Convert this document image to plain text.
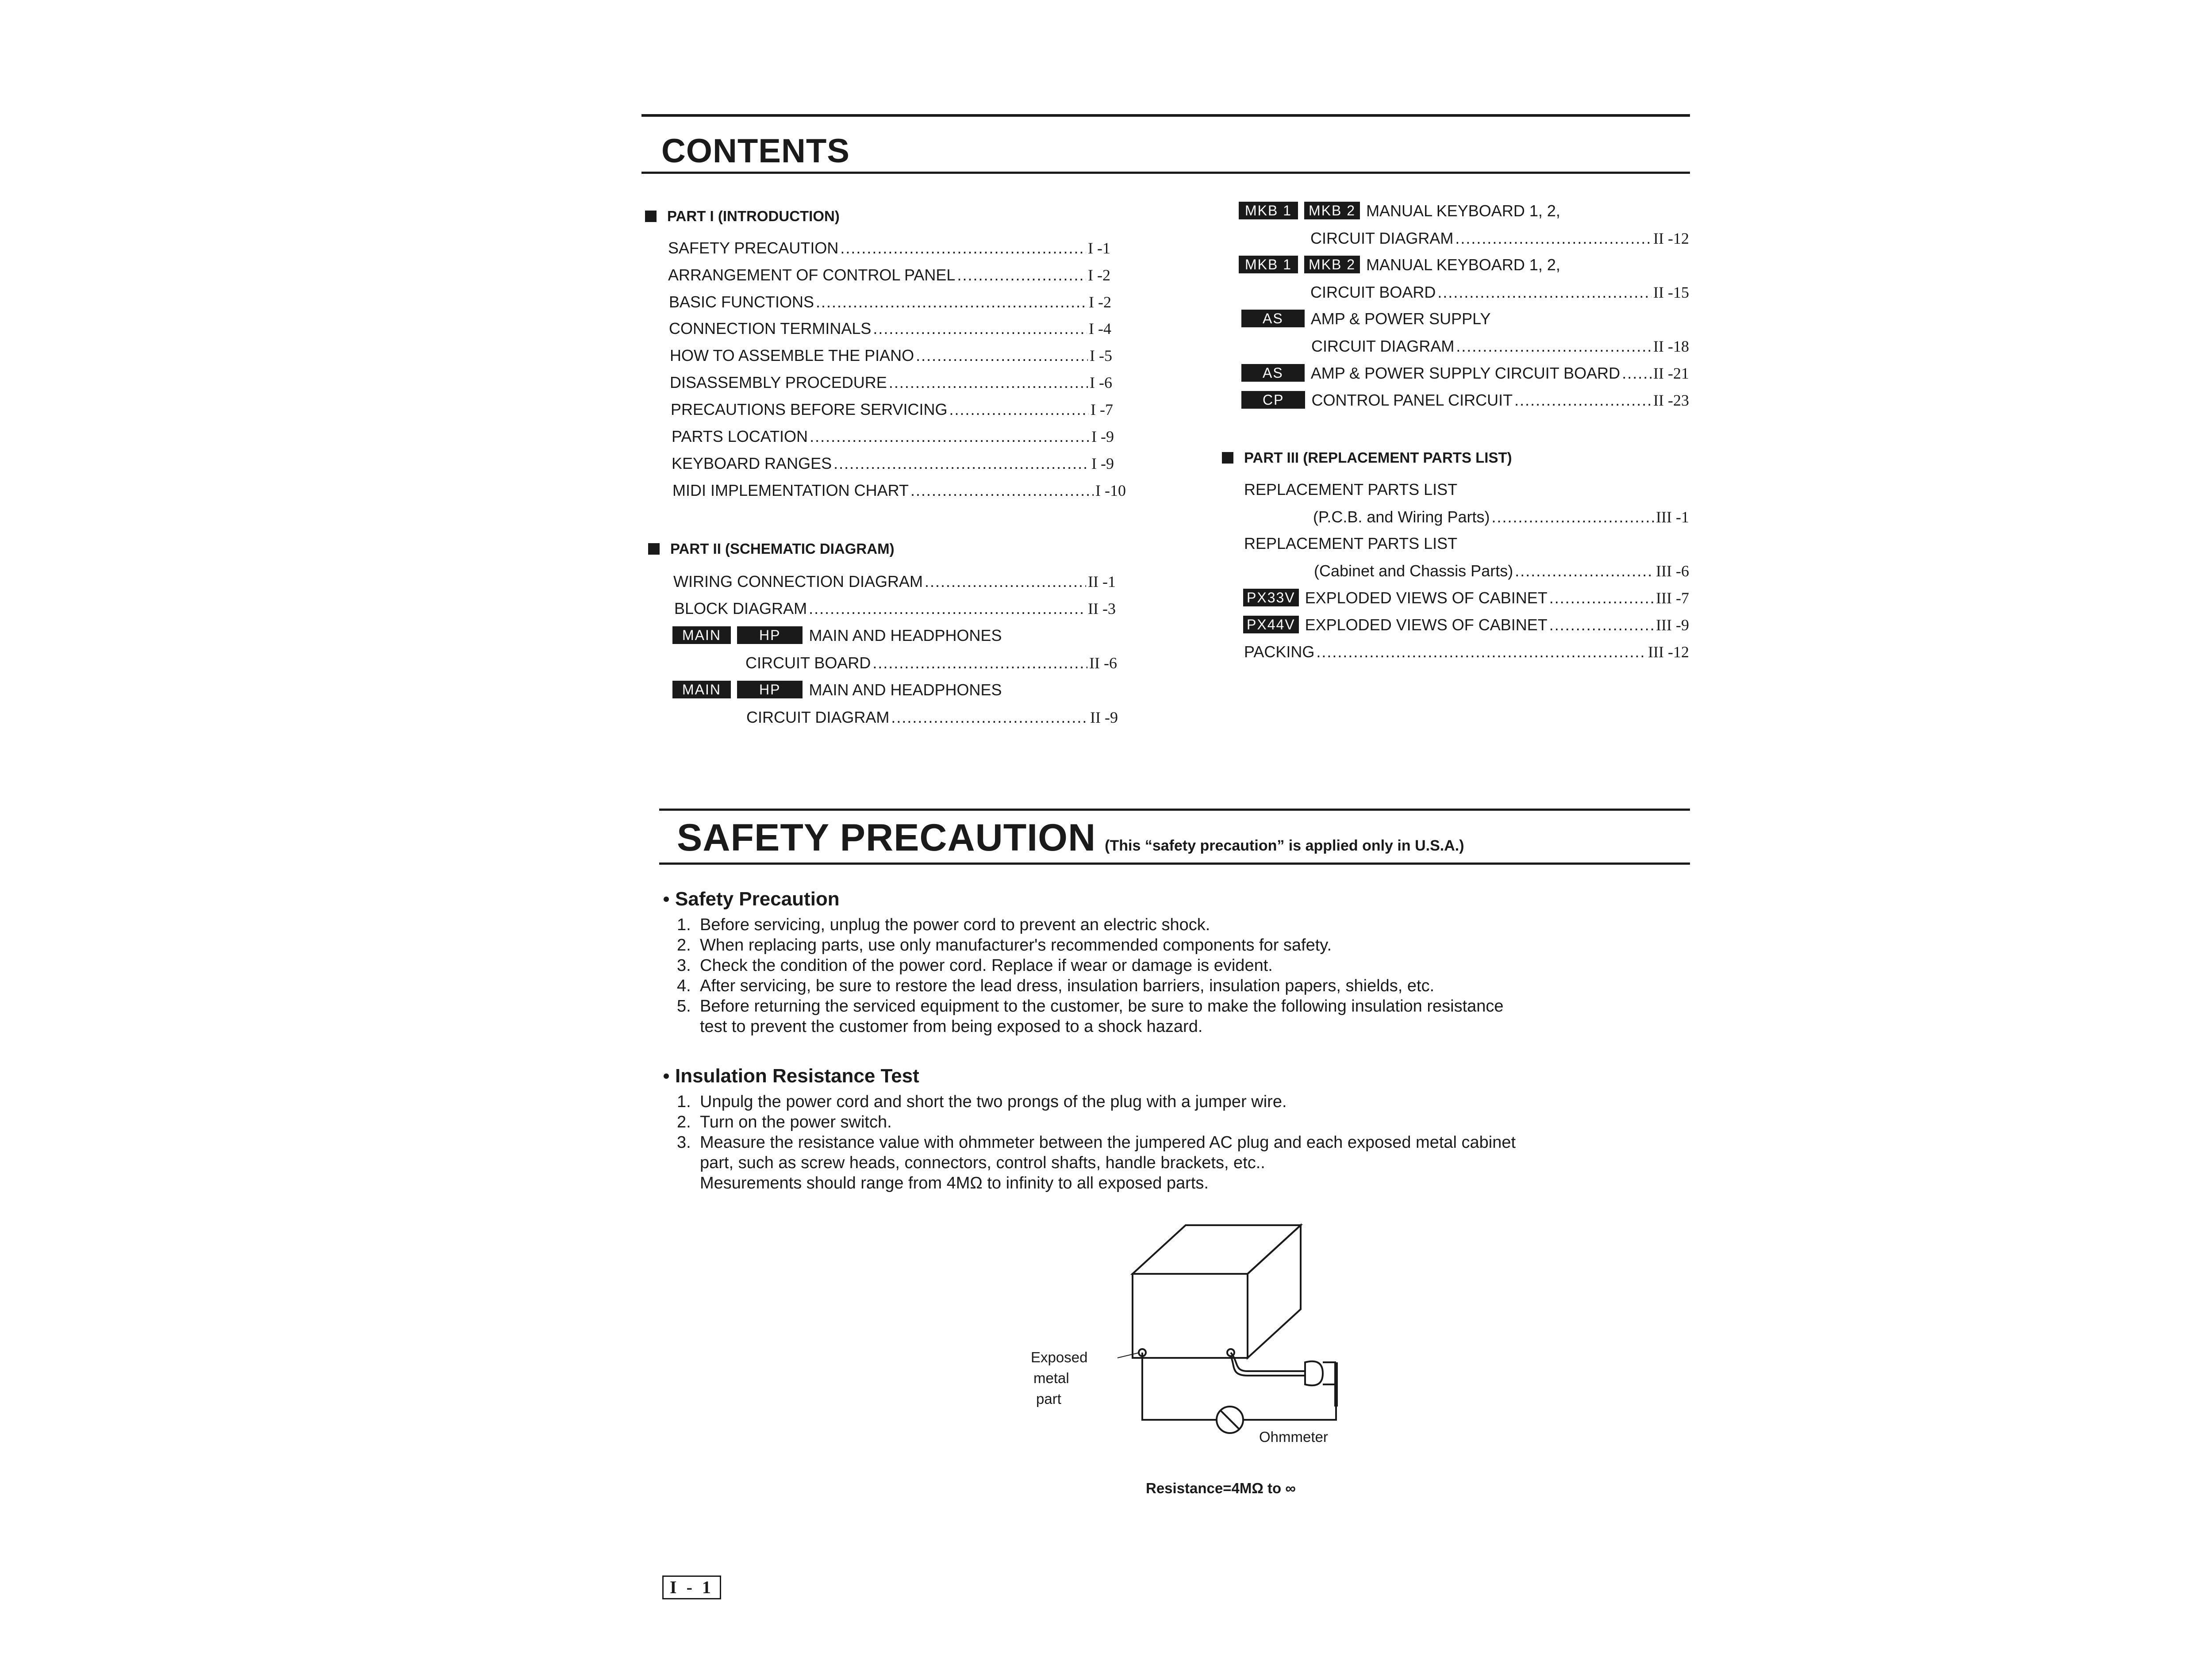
CONTENTS
PART I (INTRODUCTION)
SAFETY PRECAUTION .....	I -1
ARRANGEMENT OF CONTROL PANEL .....	I -2
BASIC FUNCTIONS .....	I -2
CONNECTION TERMINALS .....	I -4
HOW TO ASSEMBLE THE PIANO .....	I -5
DISASSEMBLY PROCEDURE .....	I -6
PRECAUTIONS BEFORE SERVICING .....	I -7
PARTS LOCATION .....	I -9
KEYBOARD RANGES .....	I -9
MIDI IMPLEMENTATION CHART .....	I -10
PART II (SCHEMATIC DIAGRAM)
WIRING CONNECTION DIAGRAM .....	II -1
BLOCK DIAGRAM .....	II -3
MAIN	HP MAIN AND HEADPHONES
CIRCUIT BOARD .....	II -6
MAIN	HP MAIN AND HEADPHONES
CIRCUIT DIAGRAM .....	II -9
MKB 1 MKB 2 MANUAL KEYBOARD 1, 2,
CIRCUIT DIAGRAM .....	II -12
MKB 1 MKB 2 MANUAL KEYBOARD 1, 2,
CIRCUIT BOARD .....	II -15
AS AMP & POWER SUPPLY
CIRCUIT DIAGRAM .....	II -18
AS AMP & POWER SUPPLY CIRCUIT BOARD ..... II -21
CP CONTROL PANEL CIRCUIT .....	II -23
PART III (REPLACEMENT PARTS LIST)
REPLACEMENT PARTS LIST
(P.C.B. and Wiring Parts) .....	III -1
REPLACEMENT PARTS LIST
(Cabinet and Chassis Parts) .....	III -6
PX33V EXPLODED VIEWS OF CABINET .....	III -7
PX44V EXPLODED VIEWS OF CABINET .....	III -9
PACKING .....	III -12
SAFETY PRECAUTION (This “safety precaution” is applied only in U.S.A.)
Safety Precaution
1. Before servicing, unplug the power cord to prevent an electric shock.
2. When replacing parts, use only manufacturer's recommended components for safety.
3. Check the condition of the power cord. Replace if wear or damage is evident.
4. After servicing, be sure to restore the lead dress, insulation barriers, insulation papers, shields, etc.
5. Before returning the serviced equipment to the customer, be sure to make the following insulation resistance
test to prevent the customer from being exposed to a shock hazard.
Insulation Resistance Test
1. Unpulg the power cord and short the two prongs of the plug with a jumper wire.
2. Turn on the power switch.
3. Measure the resistance value with ohmmeter between the jumpered AC plug and each exposed metal cabinet
part, such as screw heads, connectors, control shafts, handle brackets, etc..
Mesurements should range from 4MΩ to infinity to all exposed parts.
Exposed
metal
part
Ohmmeter
Resistance=4MΩ to ∞
I - 1
